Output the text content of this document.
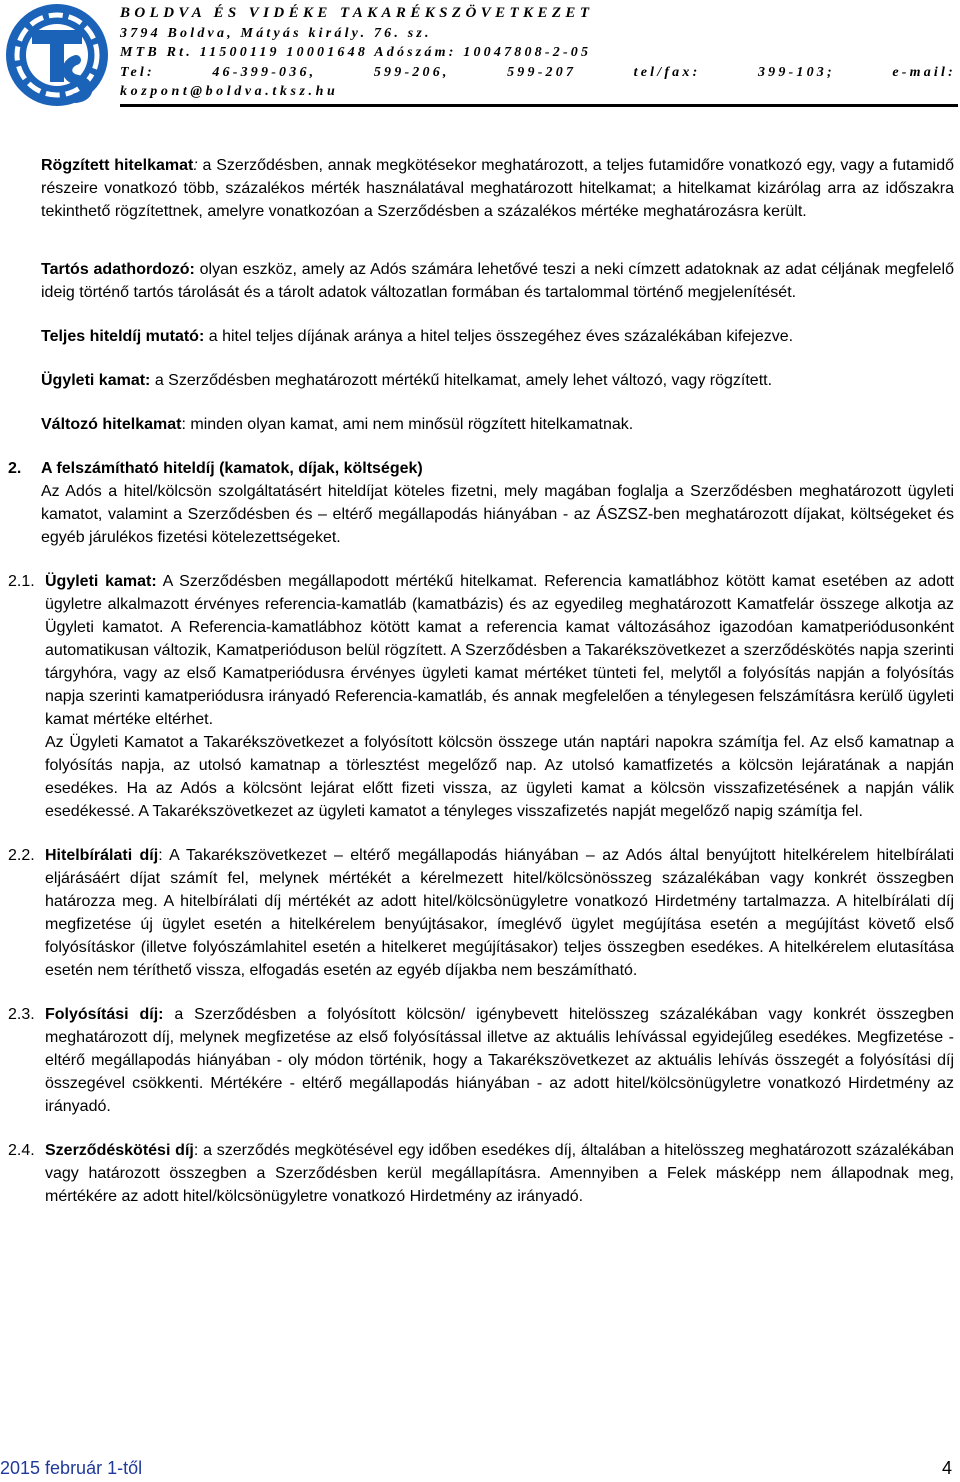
BOLDVA ÉS VIDÉKE TAKARÉKSZÖVETKEZET
3794 Boldva, Mátyás király. 76. sz.
MTB Rt. 11500119 10001648 Adószám: 10047808-2-05
Tel:	46-399-036,	599-206,	599-207	tel/fax:	399-103;	e-mail:
kozpont@boldva.tksz.hu

Rögzített hitelkamat: a Szerződésben, annak megkötésekor meghatározott, a teljes futamidőre vonatkozó egy, vagy a futamidő részeire vonatkozó több, százalékos mérték használatával meghatározott hitelkamat; a hitelkamat kizárólag arra az időszakra tekinthető rögzítettnek, amelyre vonatkozóan a Szerződésben a százalékos mértéke meghatározásra került.

Tartós adathordozó: olyan eszköz, amely az Adós számára lehetővé teszi a neki címzett adatoknak az adat céljának megfelelő ideig történő tartós tárolását és a tárolt adatok változatlan formában és tartalommal történő megjelenítését.

Teljes hiteldíj mutató: a hitel teljes díjának aránya a hitel teljes összegéhez éves százalékában kifejezve.

Ügyleti kamat: a Szerződésben meghatározott mértékű hitelkamat, amely lehet változó, vagy rögzített.

Változó hitelkamat: minden olyan kamat, ami nem minősül rögzített hitelkamatnak.

2. A felszámítható hiteldíj (kamatok, díjak, költségek)

Az Adós a hitel/kölcsön szolgáltatásért hiteldíjat köteles fizetni, mely magában foglalja a Szerződésben meghatározott ügyleti kamatot, valamint a Szerződésben és – eltérő megállapodás hiányában - az ÁSZSZ-ben meghatározott díjakat, költségeket és egyéb járulékos fizetési kötelezettségeket.

2.1. Ügyleti kamat: A Szerződésben megállapodott mértékű hitelkamat. Referencia kamatlábhoz kötött kamat esetében az adott ügyletre alkalmazott érvényes referencia-kamatláb (kamatbázis) és az egyedileg meghatározott Kamatfelár összege alkotja az Ügyleti kamatot. A Referencia-kamatlábhoz kötött kamat a referencia kamat változásához igazodóan kamatperiódusonként automatikusan változik, Kamatperióduson belül rögzített. A Szerződésben a Takarékszövetkezet a szerződéskötés napja szerinti tárgyhóra, vagy az első Kamatperiódusra érvényes ügyleti kamat mértéket tünteti fel, melytől a folyósítás napján a folyósítás napja szerinti kamatperiódusra irányadó Referencia-kamatláb, és annak megfelelően a ténylegesen felszámításra kerülő ügyleti kamat mértéke eltérhet.

Az Ügyleti Kamatot a Takarékszövetkezet a folyósított kölcsön összege után naptári napokra számítja fel. Az első kamatnap a folyósítás napja, az utolsó kamatnap a törlesztést megelőző nap. Az utolsó kamatfizetés a kölcsön lejáratának a napján esedékes. Ha az Adós a kölcsönt lejárat előtt fizeti vissza, az ügyleti kamat a kölcsön visszafizetésének a napján válik esedékessé. A Takarékszövetkezet az ügyleti kamatot a tényleges visszafizetés napját megelőző napig számítja fel.

2.2. Hitelbírálati díj: A Takarékszövetkezet – eltérő megállapodás hiányában – az Adós által benyújtott hitelkérelem hitelbírálati eljárásáért díjat számít fel, melynek mértékét a kérelmezett hitel/kölcsönösszeg százalékában vagy konkrét összegben határozza meg. A hitelbírálati díj mértékét az adott hitel/kölcsönügyletre vonatkozó Hirdetmény tartalmazza. A hitelbírálati díj megfizetése új ügylet esetén a hitelkérelem benyújtásakor, ímeglévő ügylet megújítása esetén a megújítást követő első folyósításkor (illetve folyószámlahitel esetén a hitelkeret megújításakor) teljes összegben esedékes. A hitelkérelem elutasítása esetén nem téríthető vissza, elfogadás esetén az egyéb díjakba nem beszámítható.

2.3. Folyósítási díj: a Szerződésben a folyósított kölcsön/ igénybevett hitelösszeg százalékában vagy konkrét összegben meghatározott díj, melynek megfizetése az első folyósítással illetve az aktuális lehívással egyidejűleg esedékes. Megfizetése - eltérő megállapodás hiányában - oly módon történik, hogy a Takarékszövetkezet az aktuális lehívás összegét a folyósítási díj összegével csökkenti. Mértékére - eltérő megállapodás hiányában - az adott hitel/kölcsönügyletre vonatkozó Hirdetmény az irányadó.

2.4. Szerződéskötési díj: a szerződés megkötésével egy időben esedékes díj, általában a hitelösszeg meghatározott százalékában vagy határozott összegben a Szerződésben kerül megállapításra. Amennyiben a Felek másképp nem állapodnak meg, mértékére az adott hitel/kölcsönügyletre vonatkozó Hirdetmény az irányadó.

2015 február 1-től	4
